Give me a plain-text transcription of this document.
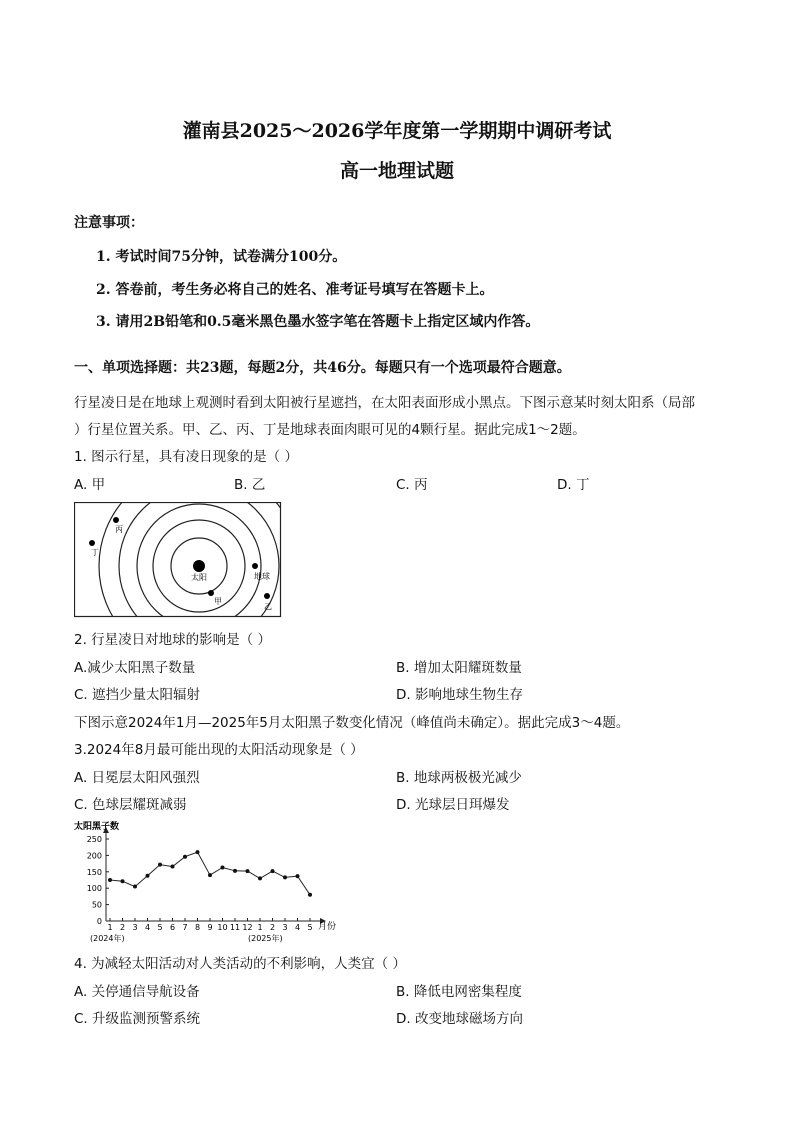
灌南县2025～2026学年度第一学期期中调研考试
高一地理试题
注意事项：
1. 考试时间75分钟，试卷满分100分。
2. 答卷前，考生务必将自己的姓名、准考证号填写在答题卡上。
3. 请用2B铅笔和0.5毫米黑色墨水签字笔在答题卡上指定区域内作答。
一、单项选择题：共23题，每题2分，共46分。每题只有一个选项最符合题意。
行星凌日是在地球上观测时看到太阳被行星遮挡，在太阳表面形成小黑点。下图示意某时刻太阳系（局部
）行星位置关系。甲、乙、丙、丁是地球表面肉眼可见的4颗行星。据此完成1～2题。
1. 图示行星，具有凌日现象的是（ ）
A. 甲	B. 乙	C. 丙	D. 丁
太阳	地球
甲
乙
丙
丁
2. 行星凌日对地球的影响是（ ）
A.减少太阳黑子数量	B. 增加太阳耀斑数量
C. 遮挡少量太阳辐射	D. 影响地球生物生存
下图示意2024年1月—2025年5月太阳黑子数变化情况（峰值尚未确定）。据此完成3～4题。
3.2024年8月最可能出现的太阳活动现象是（ ）
A. 日冕层太阳风强烈	B. 地球两极极光减少
C. 色球层耀斑减弱	D. 光球层日珥爆发
0
50
100
150
200
250
1 2 3 4 5 6 7 8 9 10 11 12 1 2 3 4 5
太阳黑子数
月份
(2024年)	(2025年)
4. 为减轻太阳活动对人类活动的不利影响，人类宜（ ）
A. 关停通信导航设备	B. 降低电网密集程度
C. 升级监测预警系统	D. 改变地球磁场方向
